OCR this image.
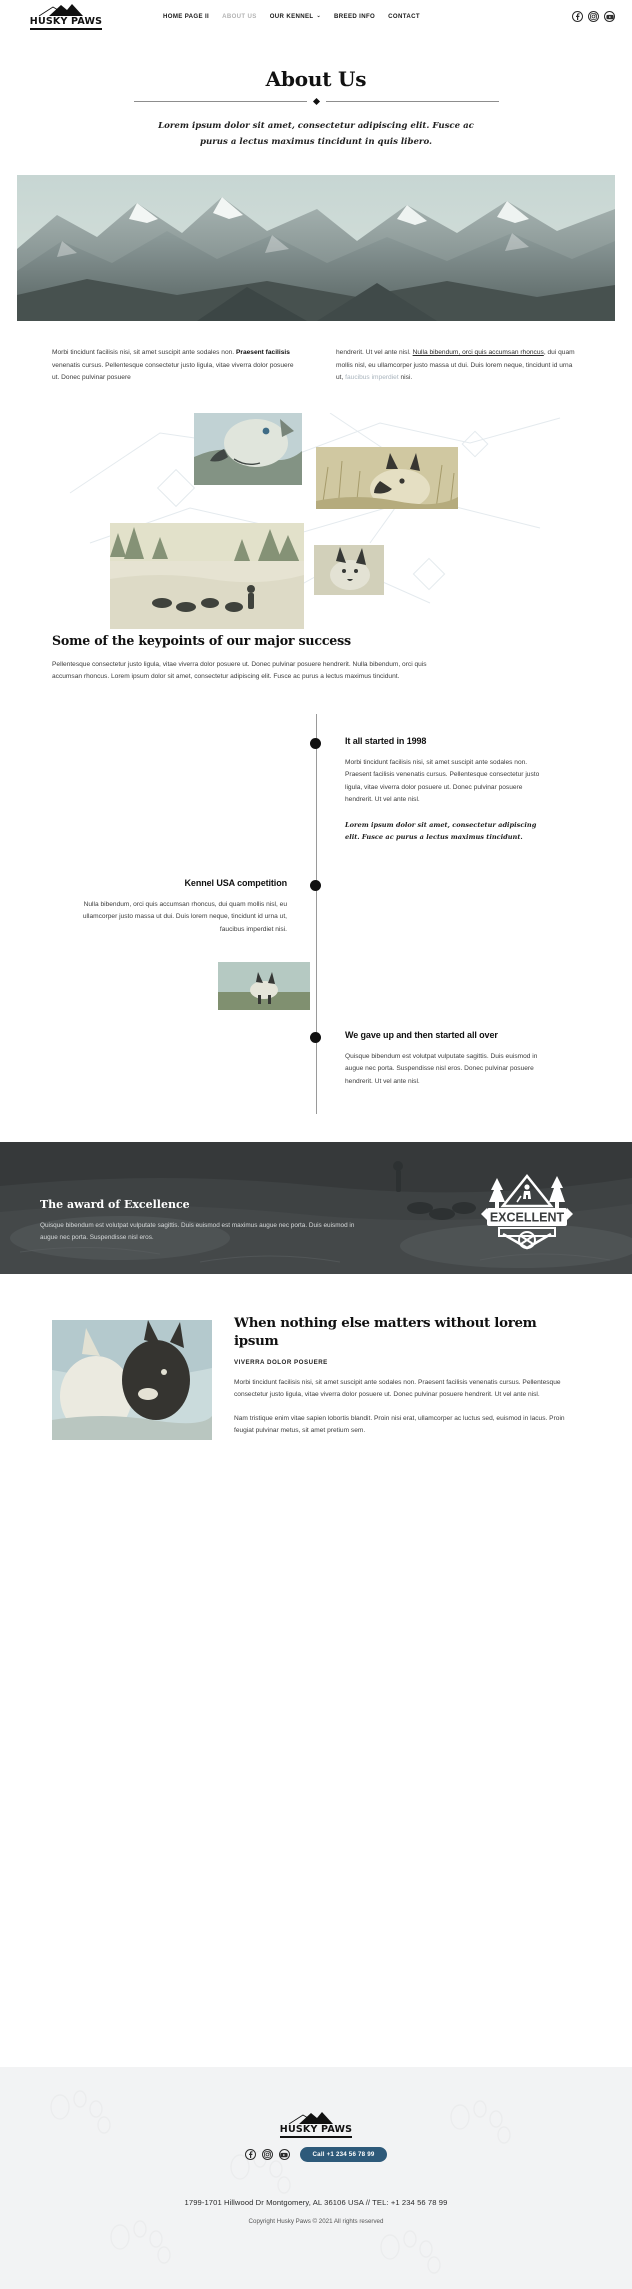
HUSKY PAWS	HOME PAGE II ABOUT US OUR KENNEL ⌄ BREED INFO CONTACT
About Us
Lorem ipsum dolor sit amet, consectetur adipiscing elit. Fusce ac purus a lectus maximus tincidunt in quis libero.
Morbi tincidunt facilisis nisi, sit amet suscipit ante sodales non. Praesent facilisis venenatis cursus. Pellentesque consectetur justo ligula, vitae viverra dolor posuere ut. Donec pulvinar posuere
hendrerit. Ut vel ante nisl. Nulla bibendum, orci quis accumsan rhoncus, dui quam mollis nisl, eu ullamcorper justo massa ut dui. Duis lorem neque, tincidunt id urna ut, faucibus imperdiet nisi.
Some of the keypoints of our major success
Pellentesque consectetur justo ligula, vitae viverra dolor posuere ut. Donec pulvinar posuere hendrerit. Nulla bibendum, orci quis accumsan rhoncus. Lorem ipsum dolor sit amet, consectetur adipiscing elit. Fusce ac purus a lectus maximus tincidunt.
It all started in 1998
Morbi tincidunt facilisis nisi, sit amet suscipit ante sodales non. Praesent facilisis venenatis cursus. Pellentesque consectetur justo ligula, vitae viverra dolor posuere ut. Donec pulvinar posuere hendrerit. Ut vel ante nisl.
Lorem ipsum dolor sit amet, consectetur adipiscing elit. Fusce ac purus a lectus maximus tincidunt.
Kennel USA competition
Nulla bibendum, orci quis accumsan rhoncus, dui quam mollis nisl, eu ullamcorper justo massa ut dui. Duis lorem neque, tincidunt id urna ut, faucibus imperdiet nisi.
We gave up and then started all over
Quisque bibendum est volutpat vulputate sagittis. Duis euismod in augue nec porta. Suspendisse nisl eros. Donec pulvinar posuere hendrerit. Ut vel ante nisl.
The award of Excellence
Quisque bibendum est volutpat vulputate sagittis. Duis euismod est maximus augue nec porta. Duis euismod in augue nec porta. Suspendisse nisl eros.
EXCELLENT
When nothing else matters without lorem ipsum
VIVERRA DOLOR POSUERE
Morbi tincidunt facilisis nisi, sit amet suscipit ante sodales non. Praesent facilisis venenatis cursus. Pellentesque consectetur justo ligula, vitae viverra dolor posuere ut. Donec pulvinar posuere hendrerit. Ut vel ante nisl.
Nam tristique enim vitae sapien lobortis blandit. Proin nisi erat, ullamcorper ac luctus sed, euismod in lacus. Proin feugiat pulvinar metus, sit amet pretium sem.
HUSKY PAWS
Call +1 234 56 78 99
1799-1701 Hillwood Dr Montgomery, AL 36106 USA // TEL: +1 234 56 78 99
Copyright Husky Paws © 2021 All rights reserved
